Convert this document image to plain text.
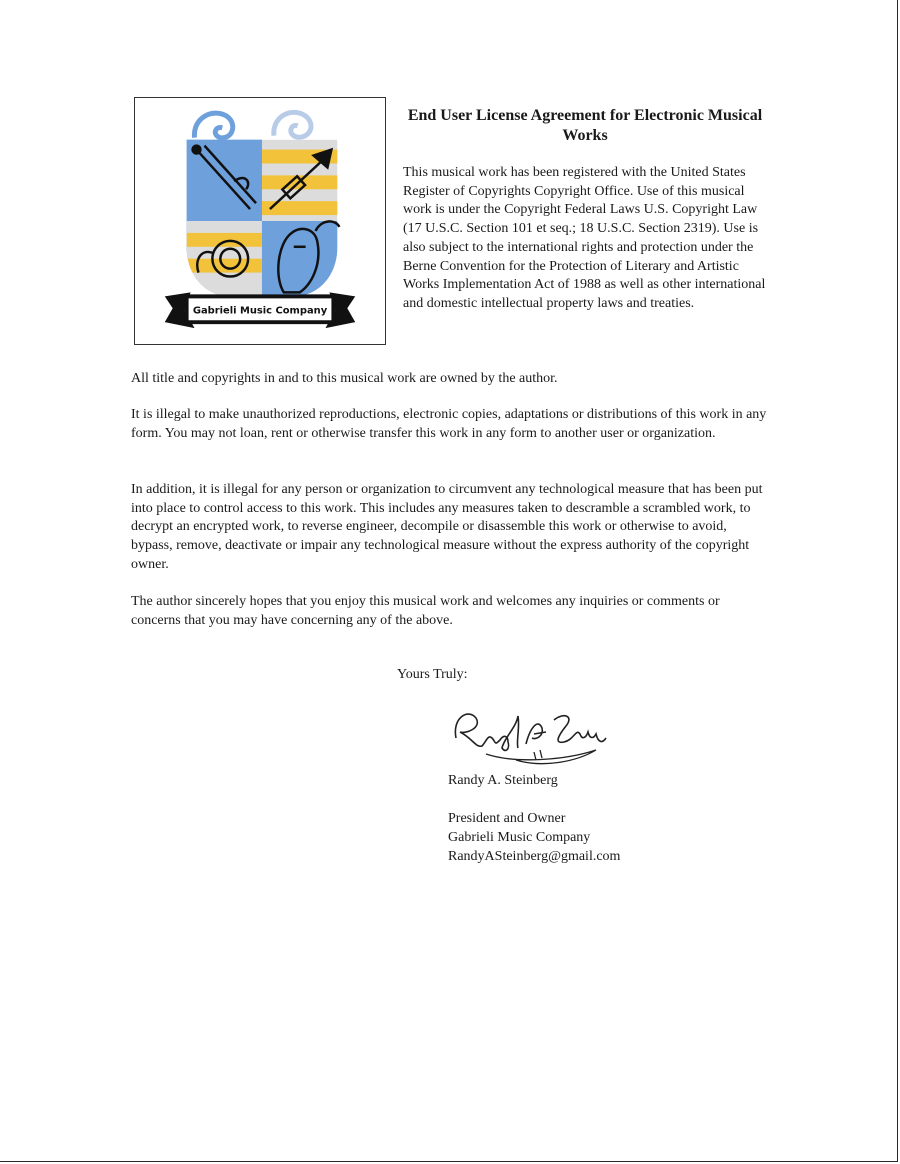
Gabrieli Music Company
End User License Agreement for Electronic Musical Works

This musical work has been registered with the United States Register of Copyrights Copyright Office. Use of this musical work is under the Copyright Federal Laws U.S. Copyright Law (17 U.S.C. Section 101 et seq.; 18 U.S.C. Section 2319). Use is also subject to the international rights and protection under the Berne Convention for the Protection of Literary and Artistic Works Implementation Act of 1988 as well as other international and domestic intellectual property laws and treaties.

All title and copyrights in and to this musical work are owned by the author.

It is illegal to make unauthorized reproductions, electronic copies, adaptations or distributions of this work in any form. You may not loan, rent or otherwise transfer this work in any form to another user or organization.

In addition, it is illegal for any person or organization to circumvent any technological measure that has been put into place to control access to this work. This includes any measures taken to descramble a scrambled work, to decrypt an encrypted work, to reverse engineer, decompile or disassemble this work or otherwise to avoid, bypass, remove, deactivate or impair any technological measure without the express authority of the copyright owner.

The author sincerely hopes that you enjoy this musical work and welcomes any inquiries or comments or concerns that you may have concerning any of the above.

Yours Truly:
Randy A. Steinberg
President and Owner
Gabrieli Music Company
RandyASteinberg@gmail.com
